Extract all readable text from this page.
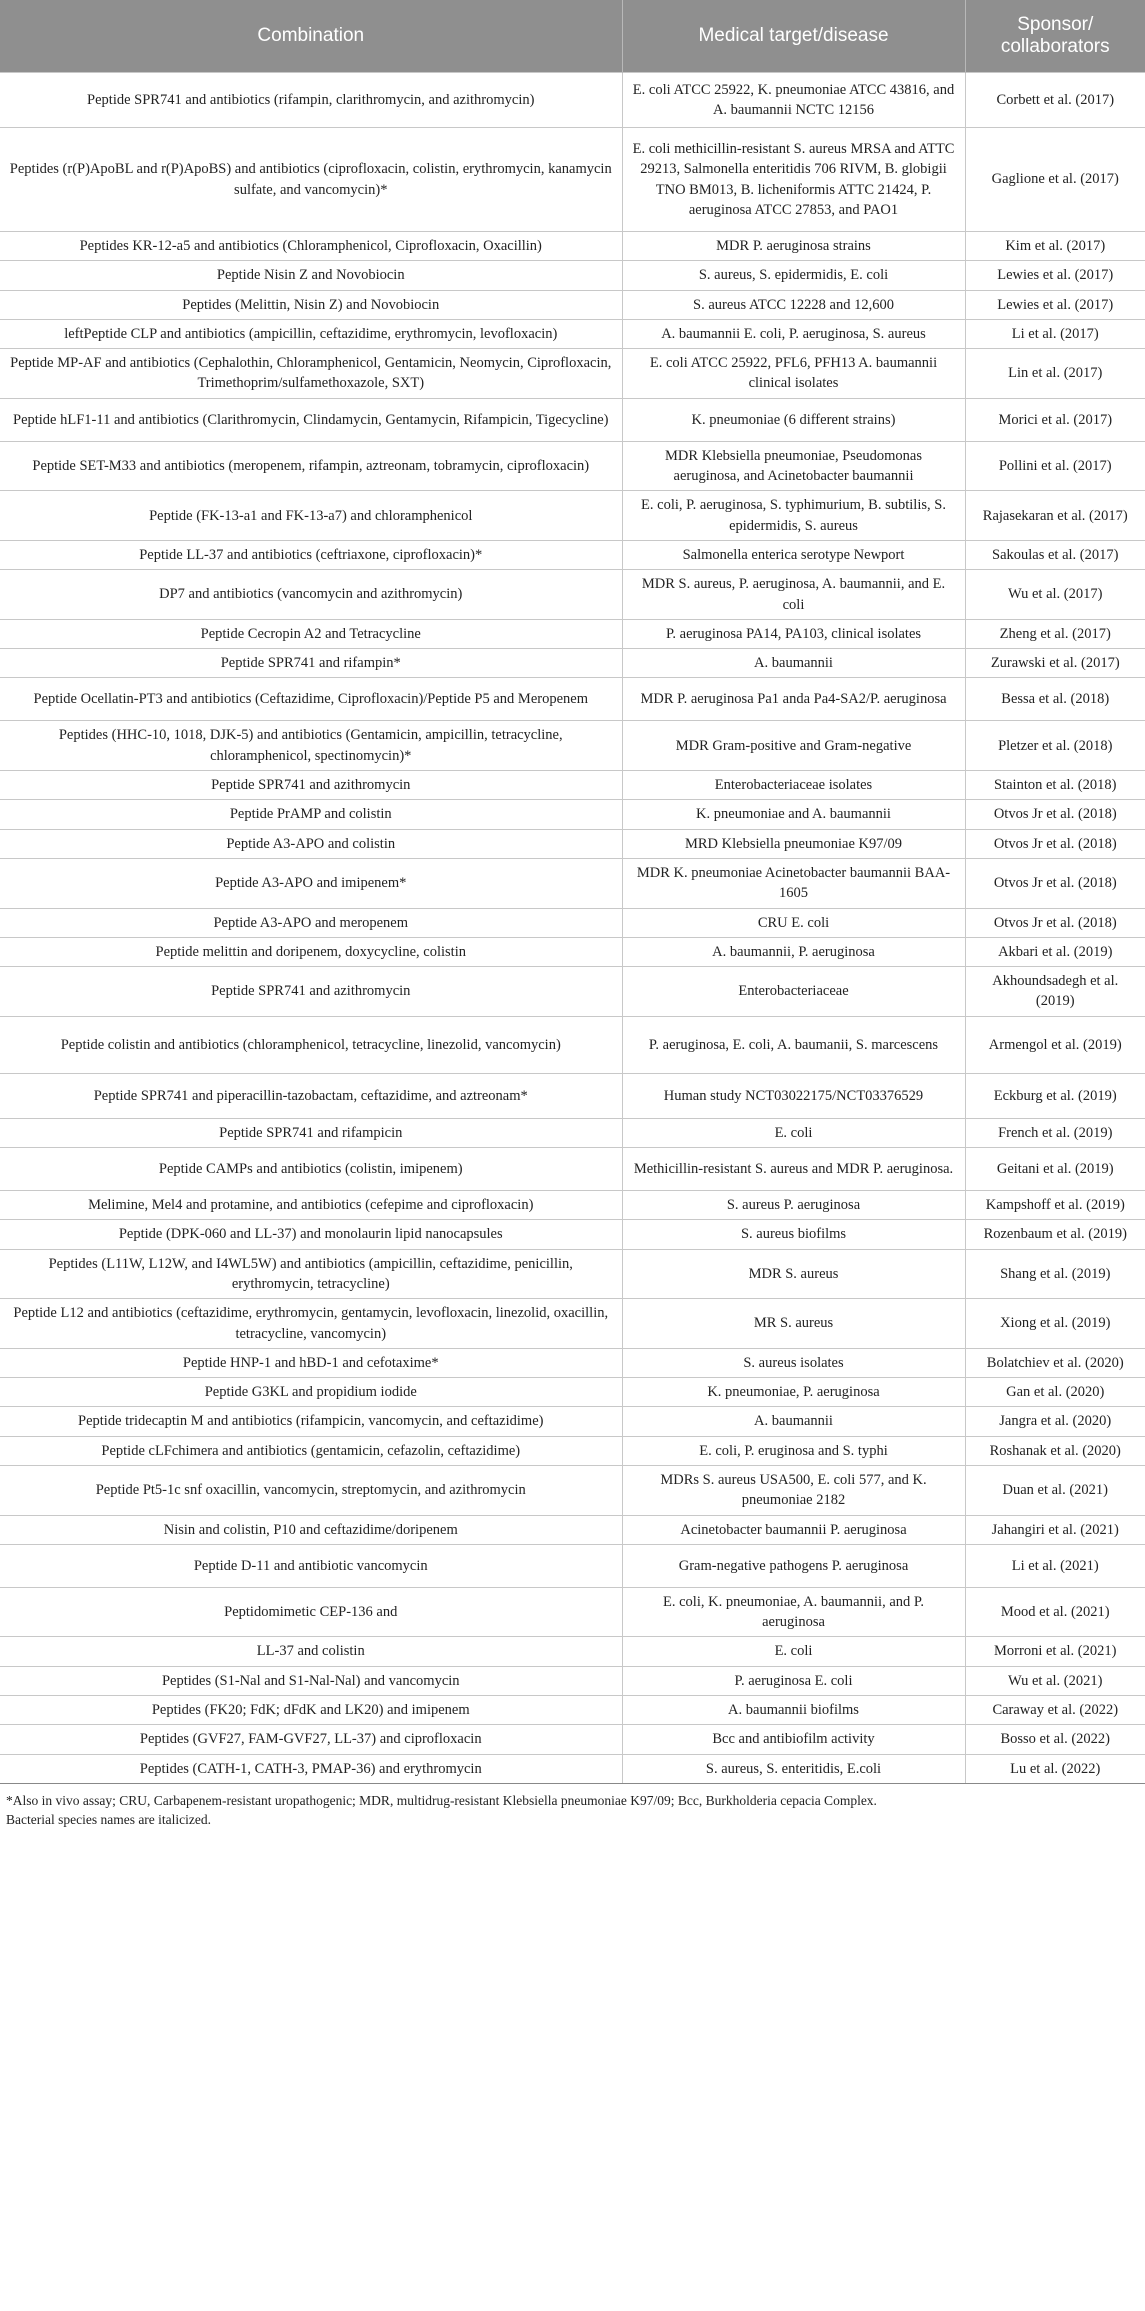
Combination	Medical target/disease	Sponsor/ collaborators
Peptide SPR741 and antibiotics (rifampin, clarithromycin, and azithromycin)	E. coli ATCC 25922, K. pneumoniae ATCC 43816, and A. baumannii NCTC 12156	Corbett et al. (2017)
Peptides (r(P)ApoBL and r(P)ApoBS) and antibiotics (ciprofloxacin, colistin, erythromycin, kanamycin sulfate, and vancomycin)*	E. coli methicillin-resistant S. aureus MRSA and ATTC 29213, Salmonella enteritidis 706 RIVM, B. globigii TNO BM013, B. licheniformis ATTC 21424, P. aeruginosa ATCC 27853, and PAO1	Gaglione et al. (2017)
Peptides KR-12-a5 and antibiotics (Chloramphenicol, Ciprofloxacin, Oxacillin)	MDR P. aeruginosa strains	Kim et al. (2017)
Peptide Nisin Z and Novobiocin	S. aureus, S. epidermidis, E. coli	Lewies et al. (2017)
Peptides (Melittin, Nisin Z) and Novobiocin	S. aureus ATCC 12228 and 12,600	Lewies et al. (2017)
leftPeptide CLP and antibiotics (ampicillin, ceftazidime, erythromycin, levofloxacin)	A. baumannii E. coli, P. aeruginosa, S. aureus	Li et al. (2017)
Peptide MP-AF and antibiotics (Cephalothin, Chloramphenicol, Gentamicin, Neomycin, Ciprofloxacin, Trimethoprim/sulfamethoxazole, SXT)	E. coli ATCC 25922, PFL6, PFH13 A. baumannii clinical isolates	Lin et al. (2017)
Peptide hLF1-11 and antibiotics (Clarithromycin, Clindamycin, Gentamycin, Rifampicin, Tigecycline)	K. pneumoniae (6 different strains)	Morici et al. (2017)
Peptide SET-M33 and antibiotics (meropenem, rifampin, aztreonam, tobramycin, ciprofloxacin)	MDR Klebsiella pneumoniae, Pseudomonas aeruginosa, and Acinetobacter baumannii	Pollini et al. (2017)
Peptide (FK-13-a1 and FK-13-a7) and chloramphenicol	E. coli, P. aeruginosa, S. typhimurium, B. subtilis, S. epidermidis, S. aureus	Rajasekaran et al. (2017)
Peptide LL-37 and antibiotics (ceftriaxone, ciprofloxacin)*	Salmonella enterica serotype Newport	Sakoulas et al. (2017)
DP7 and antibiotics (vancomycin and azithromycin)	MDR S. aureus, P. aeruginosa, A. baumannii, and E. coli	Wu et al. (2017)
Peptide Cecropin A2 and Tetracycline	P. aeruginosa PA14, PA103, clinical isolates	Zheng et al. (2017)
Peptide SPR741 and rifampin*	A. baumannii	Zurawski et al. (2017)
Peptide Ocellatin-PT3 and antibiotics (Ceftazidime, Ciprofloxacin)/Peptide P5 and Meropenem	MDR P. aeruginosa Pa1 anda Pa4-SA2/P. aeruginosa	Bessa et al. (2018)
Peptides (HHC-10, 1018, DJK-5) and antibiotics (Gentamicin, ampicillin, tetracycline, chloramphenicol, spectinomycin)*	MDR Gram-positive and Gram-negative	Pletzer et al. (2018)
Peptide SPR741 and azithromycin	Enterobacteriaceae isolates	Stainton et al. (2018)
Peptide PrAMP and colistin	K. pneumoniae and A. baumannii	Otvos Jr et al. (2018)
Peptide A3-APO and colistin	MRD Klebsiella pneumoniae K97/09	Otvos Jr et al. (2018)
Peptide A3-APO and imipenem*	MDR K. pneumoniae Acinetobacter baumannii BAA-1605	Otvos Jr et al. (2018)
Peptide A3-APO and meropenem	CRU E. coli	Otvos Jr et al. (2018)
Peptide melittin and doripenem, doxycycline, colistin	A. baumannii, P. aeruginosa	Akbari et al. (2019)
Peptide SPR741 and azithromycin	Enterobacteriaceae	Akhoundsadegh et al. (2019)
Peptide colistin and antibiotics (chloramphenicol, tetracycline, linezolid, vancomycin)	P. aeruginosa, E. coli, A. baumanii, S. marcescens	Armengol et al. (2019)
Peptide SPR741 and piperacillin-tazobactam, ceftazidime, and aztreonam*	Human study NCT03022175/NCT03376529	Eckburg et al. (2019)
Peptide SPR741 and rifampicin	E. coli	French et al. (2019)
Peptide CAMPs and antibiotics (colistin, imipenem)	Methicillin-resistant S. aureus and MDR P. aeruginosa.	Geitani et al. (2019)
Melimine, Mel4 and protamine, and antibiotics (cefepime and ciprofloxacin)	S. aureus P. aeruginosa	Kampshoff et al. (2019)
Peptide (DPK-060 and LL-37) and monolaurin lipid nanocapsules	S. aureus biofilms	Rozenbaum et al. (2019)
Peptides (L11W, L12W, and I4WL5W) and antibiotics (ampicillin, ceftazidime, penicillin, erythromycin, tetracycline)	MDR S. aureus	Shang et al. (2019)
Peptide L12 and antibiotics (ceftazidime, erythromycin, gentamycin, levofloxacin, linezolid, oxacillin, tetracycline, vancomycin)	MR S. aureus	Xiong et al. (2019)
Peptide HNP-1 and hBD-1 and cefotaxime*	S. aureus isolates	Bolatchiev et al. (2020)
Peptide G3KL and propidium iodide	K. pneumoniae, P. aeruginosa	Gan et al. (2020)
Peptide tridecaptin M and antibiotics (rifampicin, vancomycin, and ceftazidime)	A. baumannii	Jangra et al. (2020)
Peptide cLFchimera and antibiotics (gentamicin, cefazolin, ceftazidime)	E. coli, P. eruginosa and S. typhi	Roshanak et al. (2020)
Peptide Pt5-1c snf oxacillin, vancomycin, streptomycin, and azithromycin	MDRs S. aureus USA500, E. coli 577, and K. pneumoniae 2182	Duan et al. (2021)
Nisin and colistin, P10 and ceftazidime/doripenem	Acinetobacter baumannii P. aeruginosa	Jahangiri et al. (2021)
Peptide D-11 and antibiotic vancomycin	Gram-negative pathogens P. aeruginosa	Li et al. (2021)
Peptidomimetic CEP-136 and	E. coli, K. pneumoniae, A. baumannii, and P. aeruginosa	Mood et al. (2021)
LL-37 and colistin	E. coli	Morroni et al. (2021)
Peptides (S1-Nal and S1-Nal-Nal) and vancomycin	P. aeruginosa E. coli	Wu et al. (2021)
Peptides (FK20; FdK; dFdK and LK20) and imipenem	A. baumannii biofilms	Caraway et al. (2022)
Peptides (GVF27, FAM-GVF27, LL-37) and ciprofloxacin	Bcc and antibiofilm activity	Bosso et al. (2022)
Peptides (CATH-1, CATH-3, PMAP-36) and erythromycin	S. aureus, S. enteritidis, E.coli	Lu et al. (2022)
*Also in vivo assay; CRU, Carbapenem-resistant uropathogenic; MDR, multidrug-resistant Klebsiella pneumoniae K97/09; Bcc, Burkholderia cepacia Complex.
Bacterial species names are italicized.
